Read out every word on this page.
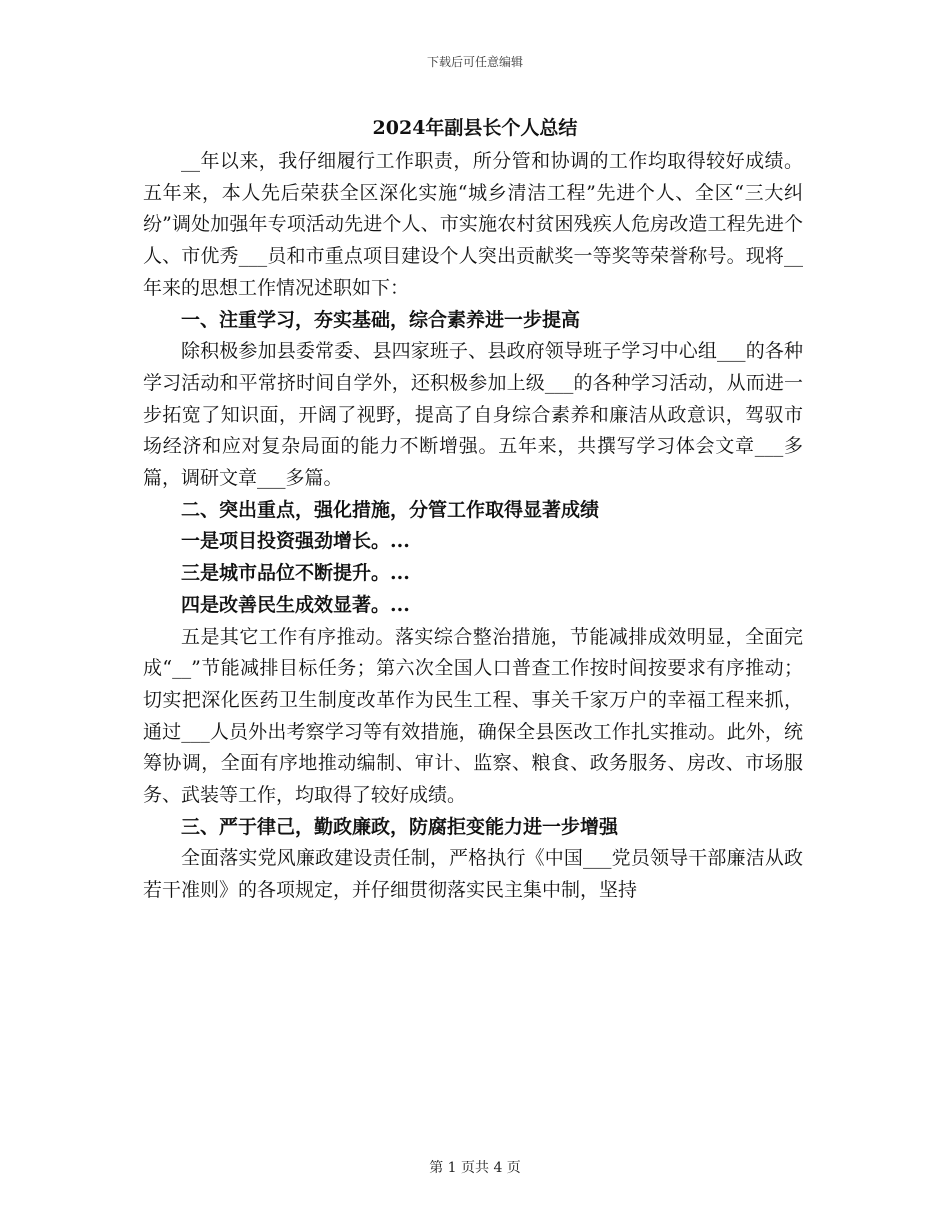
下载后可任意编辑
2024年副县长个人总结

__年以来，我仔细履行工作职责，所分管和协调的工作均取得较好成绩。五年来，本人先后荣获全区深化实施“城乡清洁工程”先进个人、全区“三大纠纷”调处加强年专项活动先进个人、市实施农村贫困残疾人危房改造工程先进个人、市优秀___员和市重点项目建设个人突出贡献奖一等奖等荣誉称号。现将__年来的思想工作情况述职如下：

一、注重学习，夯实基础，综合素养进一步提高

除积极参加县委常委、县四家班子、县政府领导班子学习中心组___的各种学习活动和平常挤时间自学外，还积极参加上级___的各种学习活动，从而进一步拓宽了知识面，开阔了视野，提高了自身综合素养和廉洁从政意识，驾驭市场经济和应对复杂局面的能力不断增强。五年来，共撰写学习体会文章___多篇，调研文章___多篇。

二、突出重点，强化措施，分管工作取得显著成绩

一是项目投资强劲增长。...

三是城市品位不断提升。...

四是改善民生成效显著。...

五是其它工作有序推动。落实综合整治措施，节能减排成效明显，全面完成“__”节能减排目标任务；第六次全国人口普查工作按时间按要求有序推动；切实把深化医药卫生制度改革作为民生工程、事关千家万户的幸福工程来抓，通过___人员外出考察学习等有效措施，确保全县医改工作扎实推动。此外，统筹协调，全面有序地推动编制、审计、监察、粮食、政务服务、房改、市场服务、武装等工作，均取得了较好成绩。

三、严于律己，勤政廉政，防腐拒变能力进一步增强

全面落实党风廉政建设责任制，严格执行《中国___党员领导干部廉洁从政若干准则》的各项规定，并仔细贯彻落实民主集中制，坚持

第 1 页共 4 页
